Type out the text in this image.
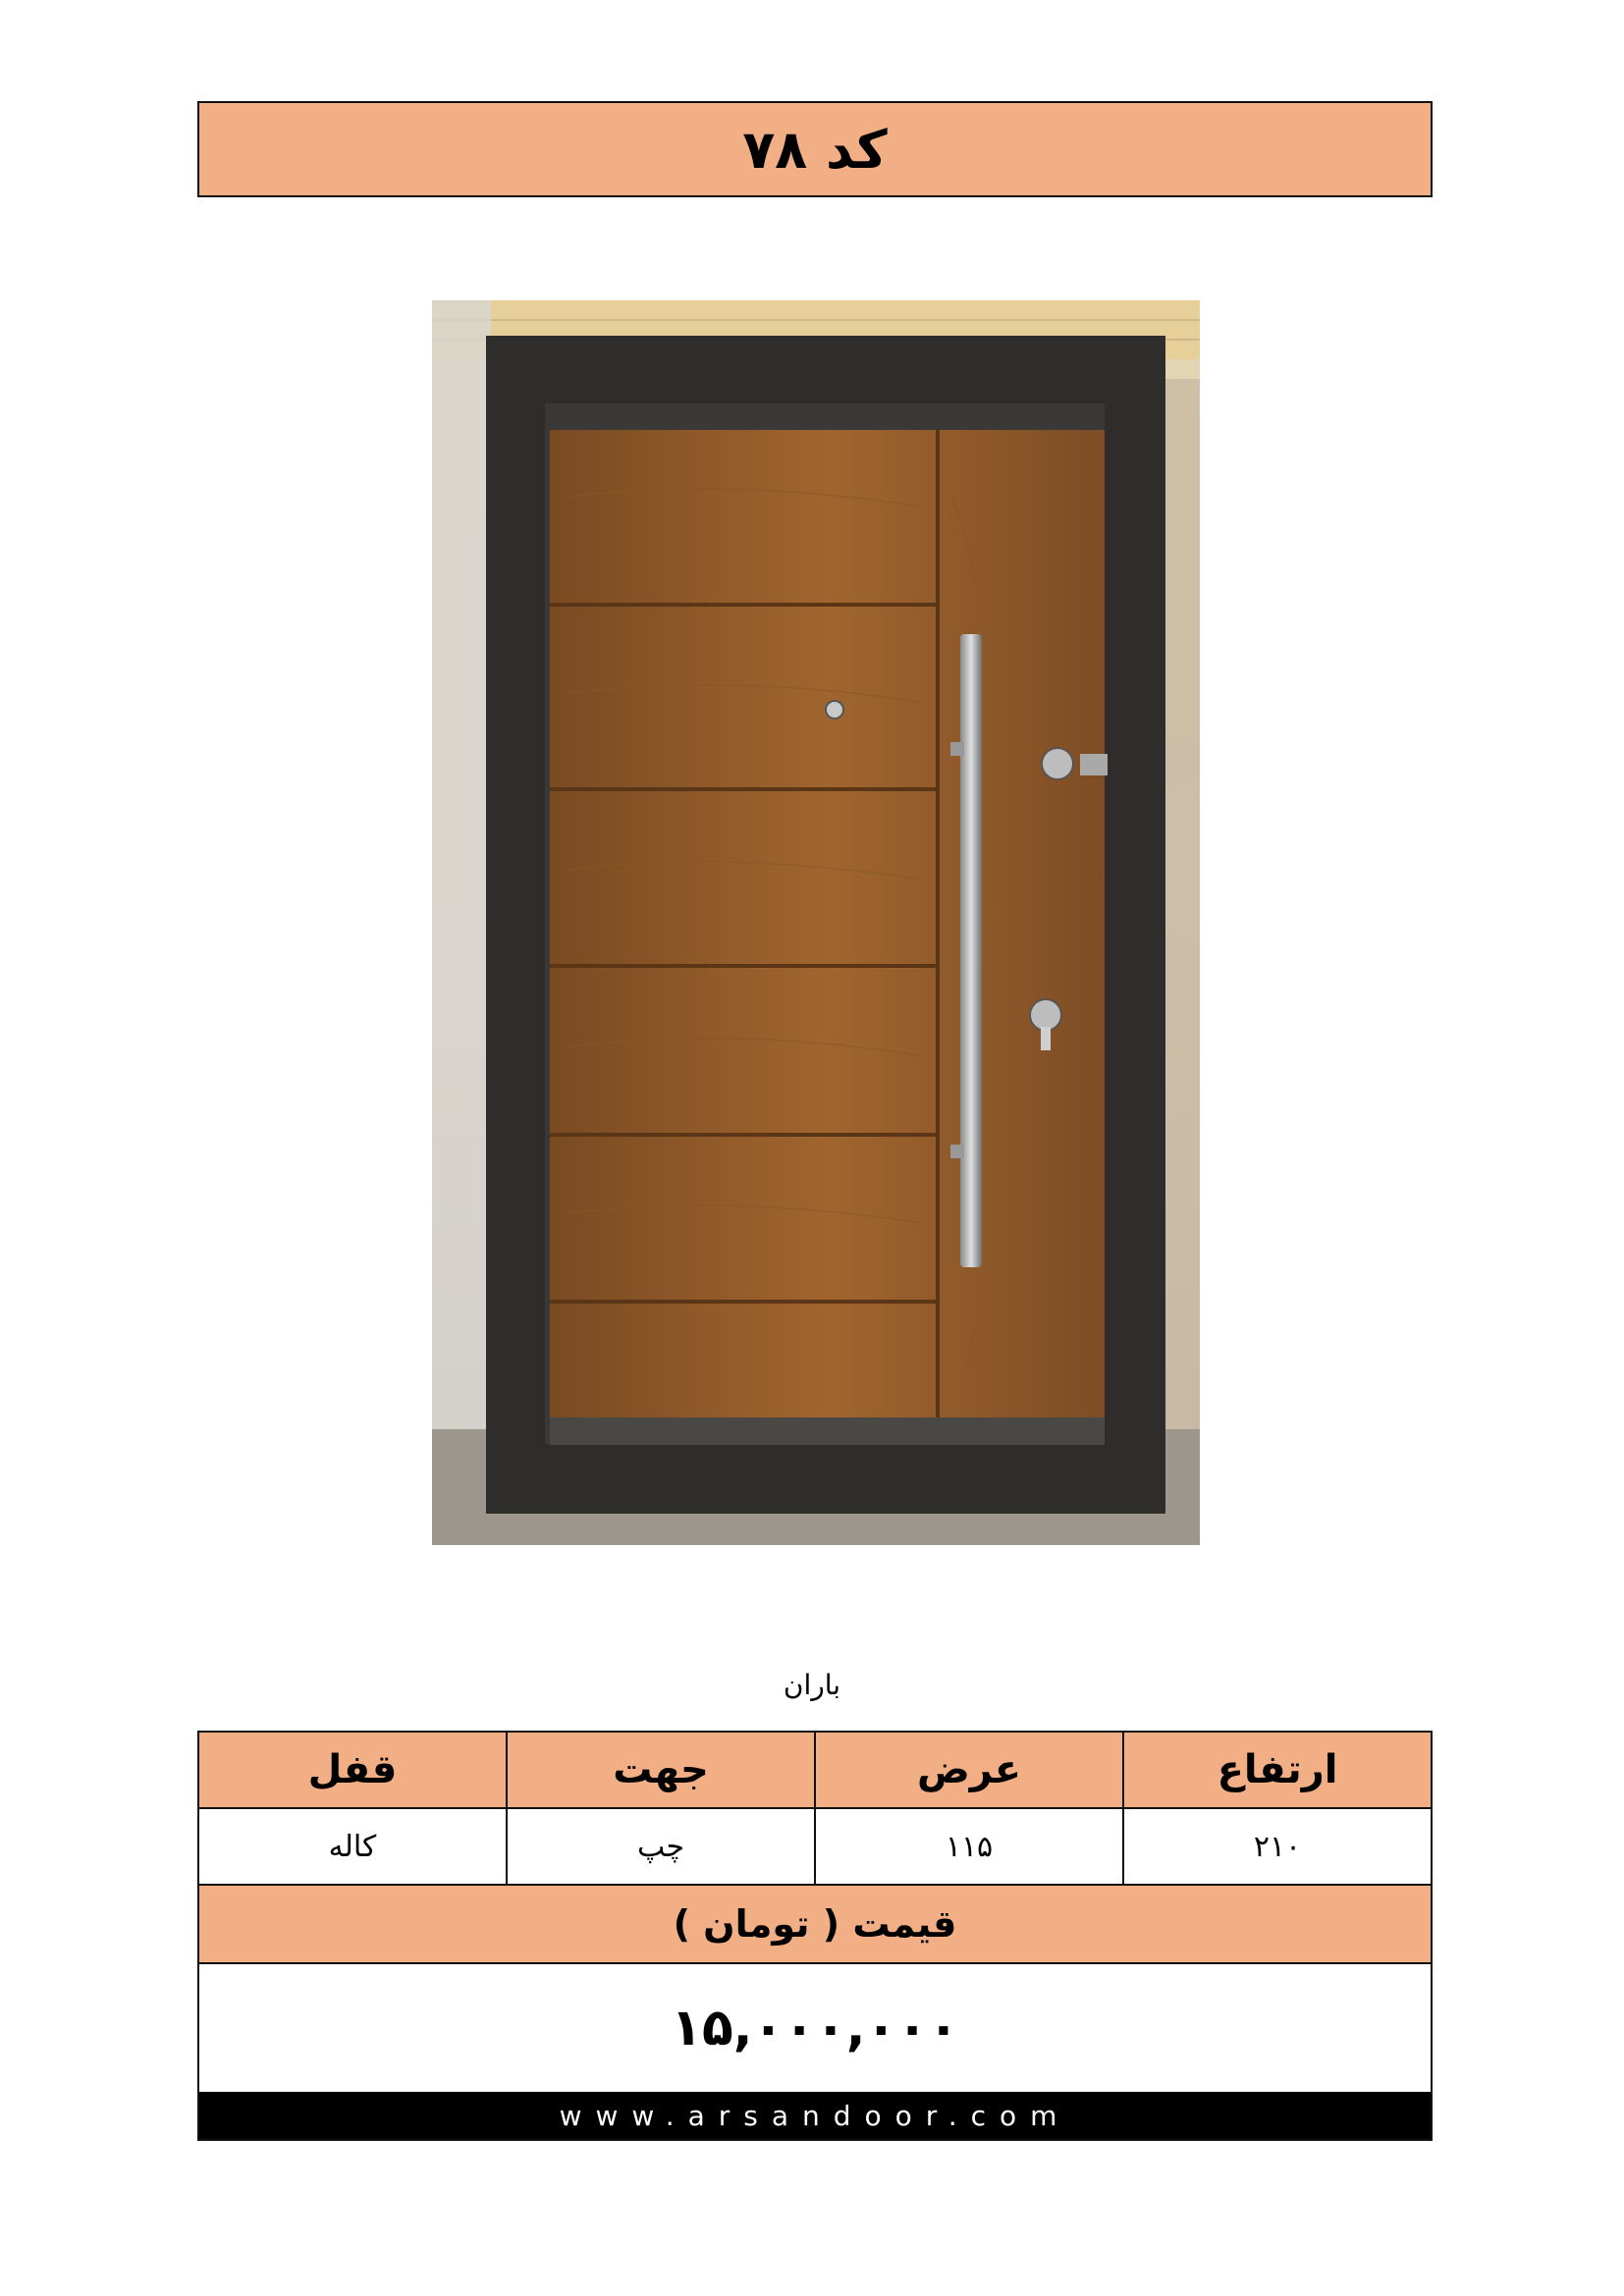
کد ۷۸
باران
ارتفاع
عرض
جهت
قفل
۲۱۰
۱۱۵
چپ
کاله
قیمت ( تومان )
۱۵,۰۰۰,۰۰۰
www.arsandoor.com
